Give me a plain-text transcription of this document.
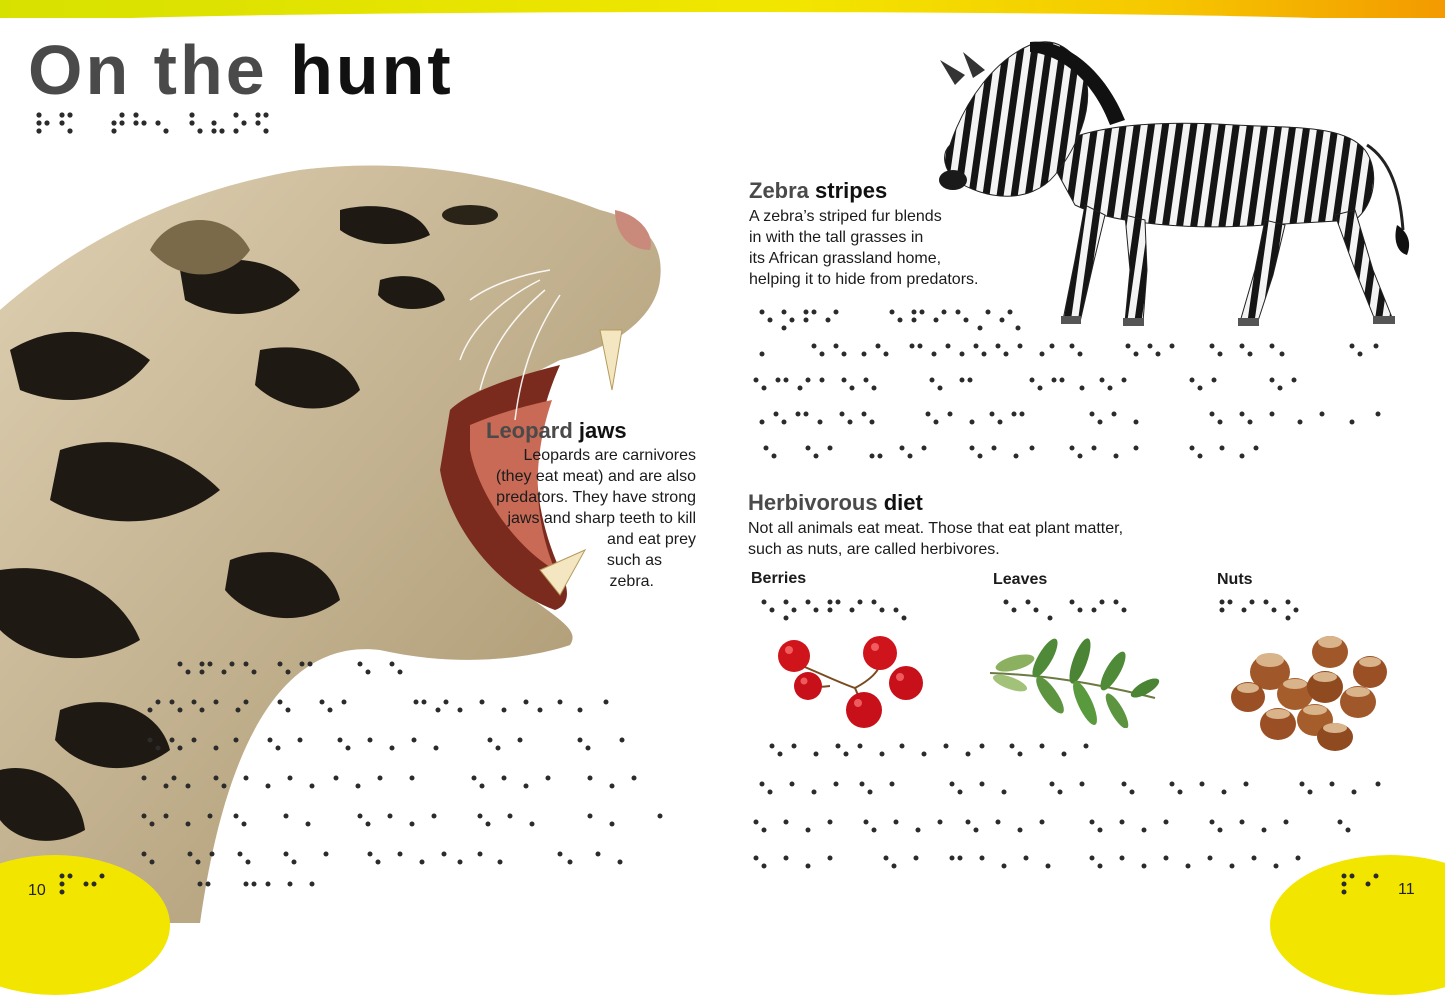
On the hunt
Leopard jaws
Leopards are carnivores
(they eat meat) and are also
predators. They have strong
jaws and sharp teeth to kill
and eat prey
such as
zebra.
Zebra stripes
A zebra’s striped fur blends
in with the tall grasses in
its African grassland home,
helping it to hide from predators.
Herbivorous diet
Not all animals eat meat. Those that eat plant matter,
such as nuts, are called herbivores.
Berries	Leaves	Nuts
10	11
